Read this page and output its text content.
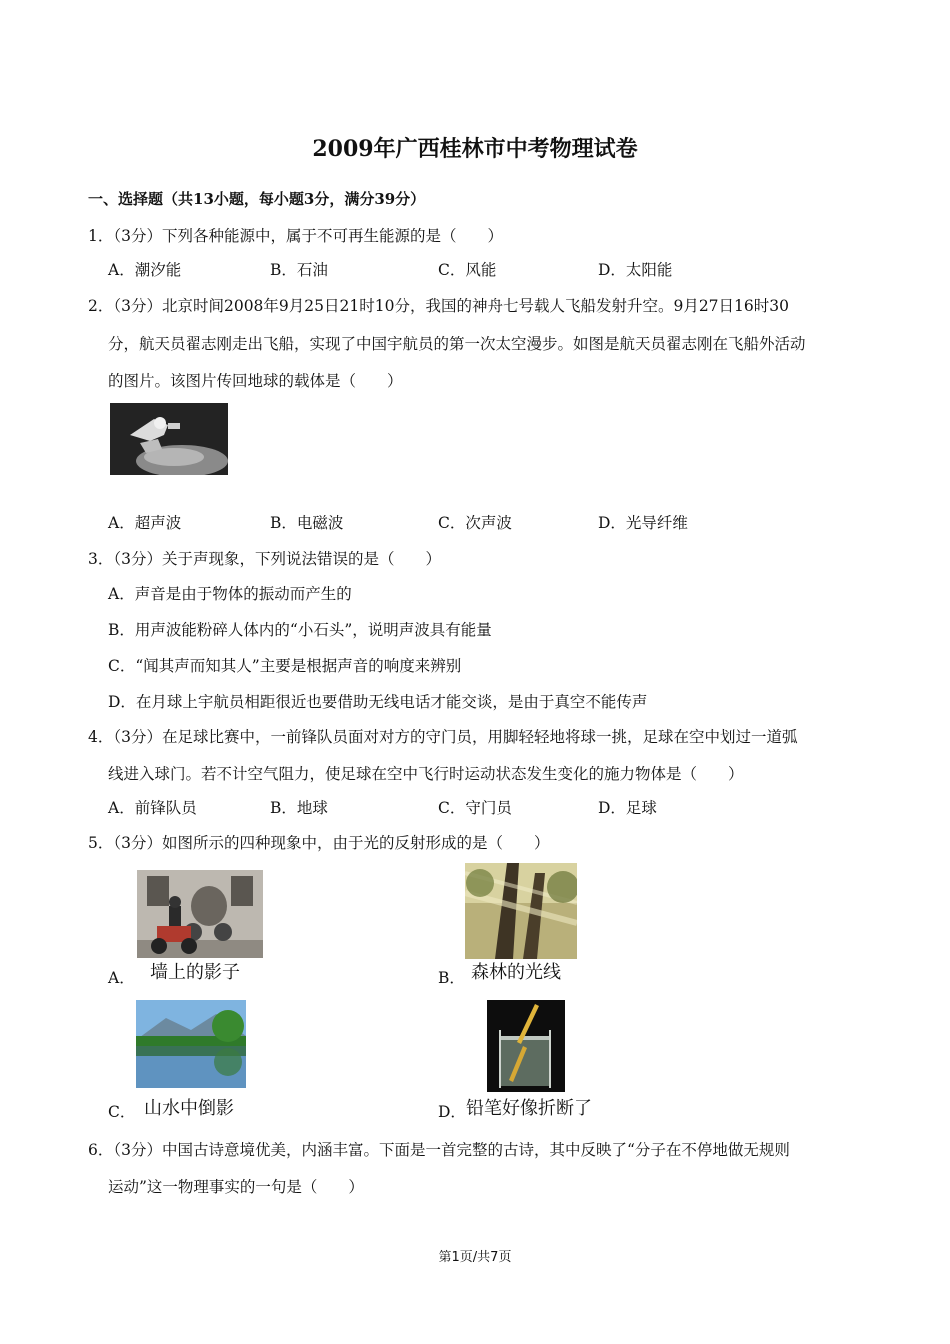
2009年广西桂林市中考物理试卷
一、选择题（共13小题，每小题3分，满分39分）
1．（3分）下列各种能源中，属于不可再生能源的是（　　）
A．潮汐能	B．石油	C．风能	D．太阳能
2．（3分）北京时间2008年9月25日21时10分，我国的神舟七号载人飞船发射升空。9月27日16时30
分，航天员翟志刚走出飞船，实现了中国宇航员的第一次太空漫步。如图是航天员翟志刚在飞船外活动
的图片。该图片传回地球的载体是（　　）
A．超声波	B．电磁波	C．次声波	D．光导纤维
3．（3分）关于声现象，下列说法错误的是（　　）
A．声音是由于物体的振动而产生的
B．用声波能粉碎人体内的“小石头”，说明声波具有能量
C．“闻其声而知其人”主要是根据声音的响度来辨别
D．在月球上宇航员相距很近也要借助无线电话才能交谈，是由于真空不能传声
4．（3分）在足球比赛中，一前锋队员面对对方的守门员，用脚轻轻地将球一挑，足球在空中划过一道弧
线进入球门。若不计空气阻力，使足球在空中飞行时运动状态发生变化的施力物体是（　　）
A．前锋队员	B．地球	C．守门员	D．足球
5．（3分）如图所示的四种现象中，由于光的反射形成的是（　　）
A． 墙上的影子	B． 森林的光线
C． 山水中倒影	D． 铅笔好像折断了
6．（3分）中国古诗意境优美，内涵丰富。下面是一首完整的古诗，其中反映了“分子在不停地做无规则
运动”这一物理事实的一句是（　　）
第1页/共7页
